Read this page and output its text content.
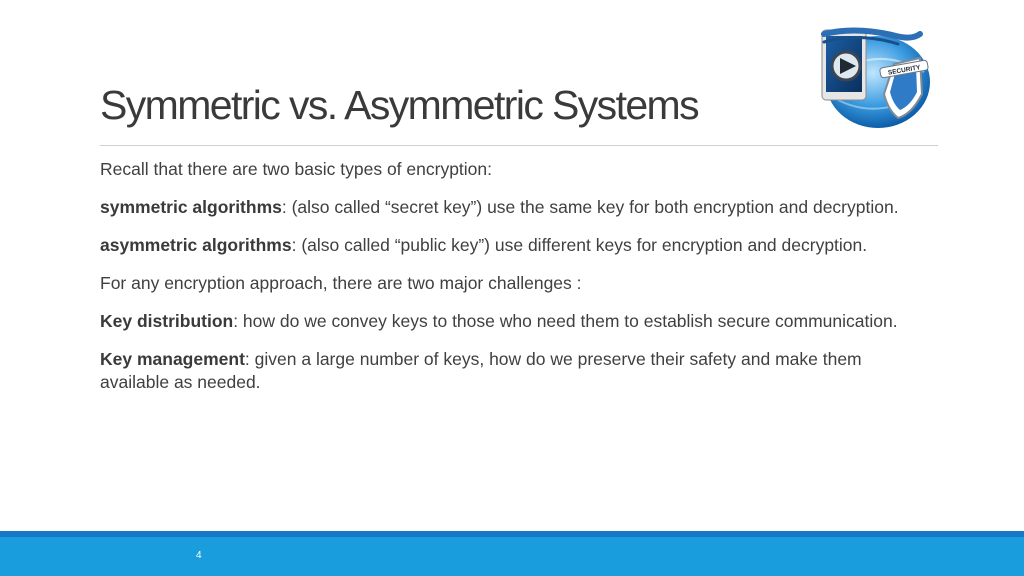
Symmetric vs. Asymmetric Systems
SECURITY

Recall that there are two basic types of encryption:

symmetric algorithms: (also called “secret key”) use the same key for both encryption and decryption.

asymmetric algorithms: (also called “public key”) use different keys for encryption and decryption.

For any encryption approach, there are two major challenges :

Key distribution: how do we convey keys to those who need them to establish secure communication.

Key management: given a large number of keys, how do we preserve their safety and make them available as needed.

4
